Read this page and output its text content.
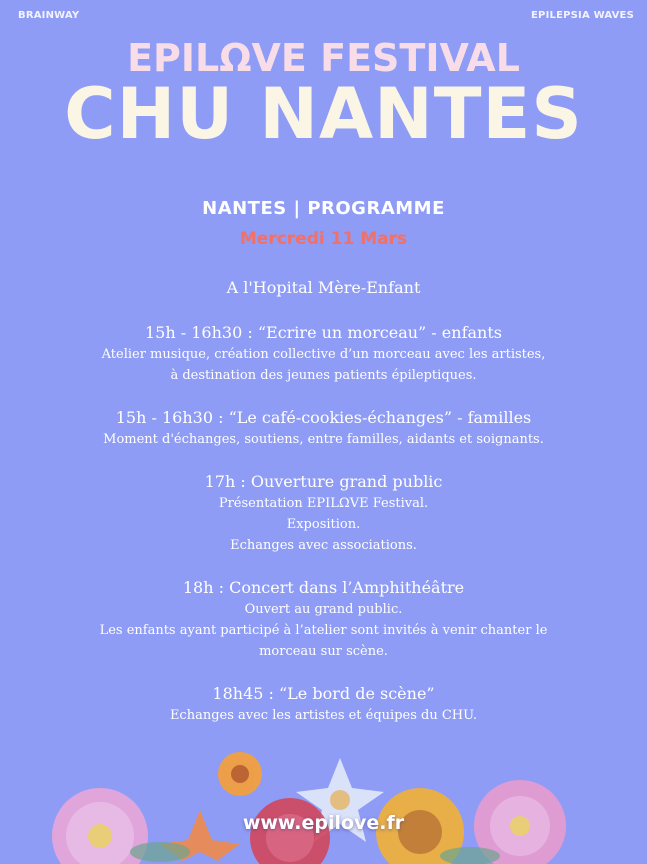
BRAINWAY	EPILEPSIA WAVES
EPILΩVE FESTIVAL
CHU NANTES
NANTES | PROGRAMME
Mercredi 11 Mars
A l'Hopital Mère-Enfant
15h - 16h30 : “Ecrire un morceau” - enfants
Atelier musique, création collective d’un morceau avec les artistes,
à destination des jeunes patients épileptiques.
15h - 16h30 : “Le café-cookies-échanges” - familles
Moment d'échanges, soutiens, entre familles, aidants et soignants.
17h : Ouverture grand public
Présentation EPILΩVE Festival.
Exposition.
Echanges avec associations.
18h : Concert dans l’Amphithéâtre
Ouvert au grand public.
Les enfants ayant participé à l’atelier sont invités à venir chanter le
morceau sur scène.
18h45 : “Le bord de scène”
Echanges avec les artistes et équipes du CHU.
www.epilove.fr
